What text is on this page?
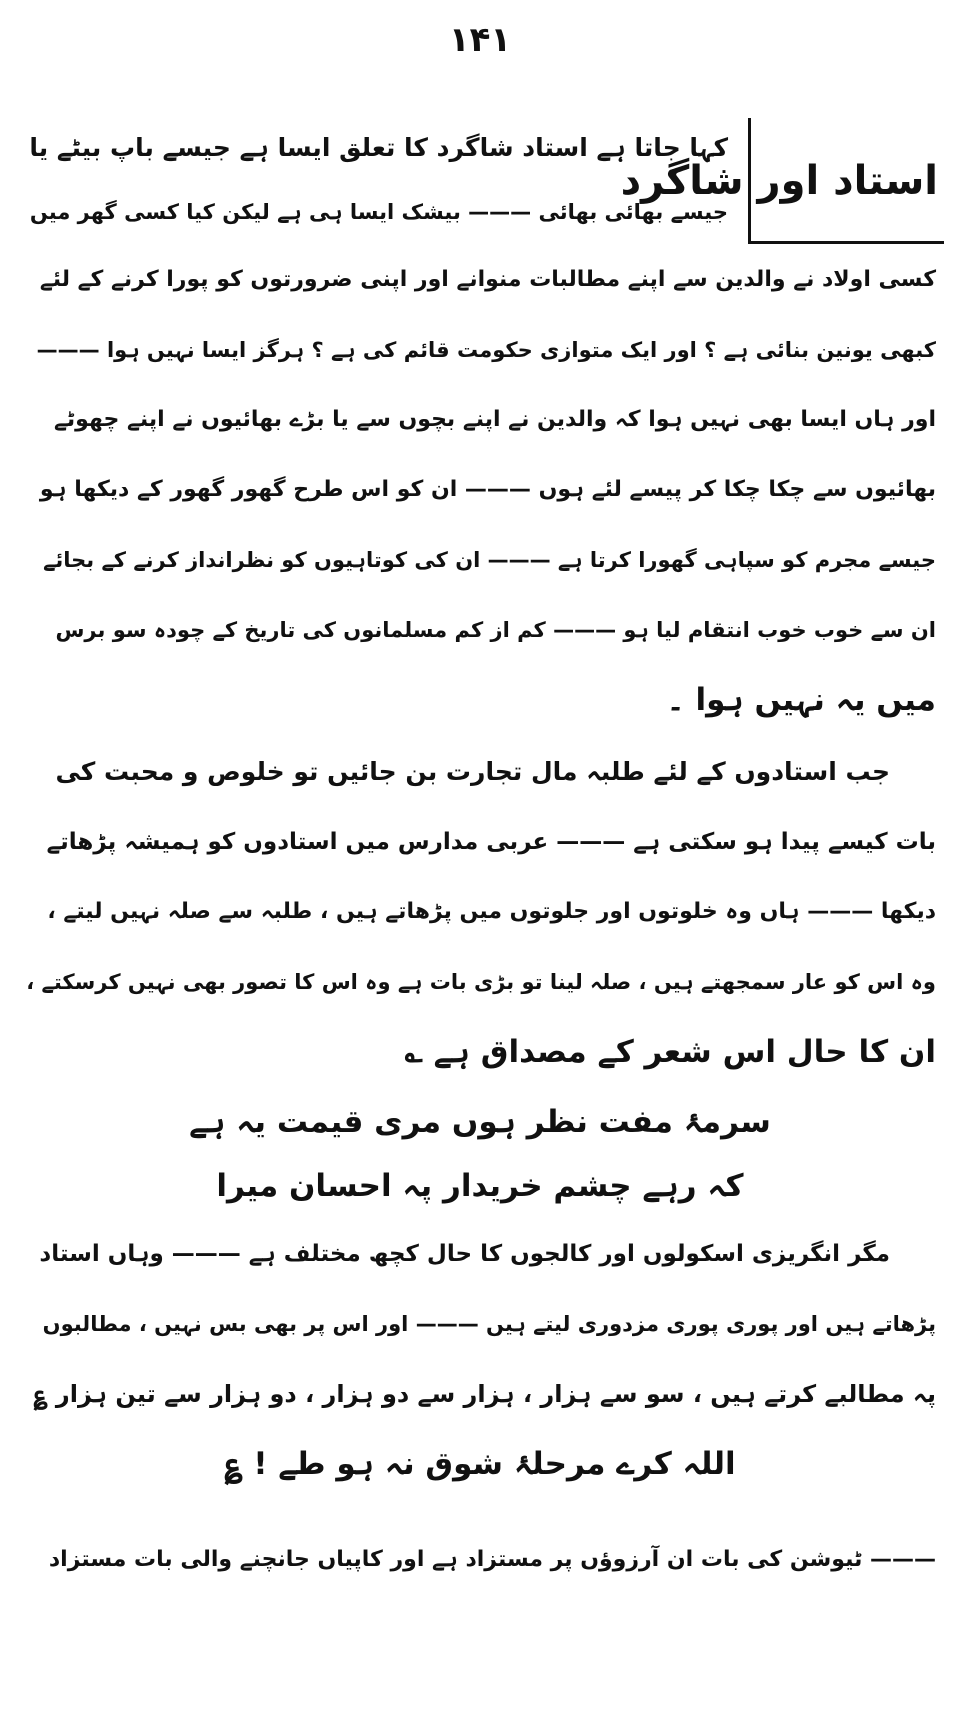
۱۴۱
استاد اور شاگرد
کہا جاتا ہے استاد شاگرد کا تعلق ایسا ہے جیسے باپ بیٹے یا
جیسے بھائی بھائی ——— بیشک ایسا ہی ہے لیکن کیا کسی گھر میں
کسی اولاد نے والدین سے اپنے مطالبات منوانے اور اپنی ضرورتوں کو پورا کرنے کے لئے
کبھی یونین بنائی ہے ؟ اور ایک متوازی حکومت قائم کی ہے ؟ ہرگز ایسا نہیں ہوا ———
اور ہاں ایسا بھی نہیں ہوا کہ والدین نے اپنے بچوں سے یا بڑے بھائیوں نے اپنے چھوٹے
بھائیوں سے چکا چکا کر پیسے لئے ہوں ——— ان کو اس طرح گھور گھور کے دیکھا ہو
جیسے مجرم کو سپاہی گھورا کرتا ہے ——— ان کی کوتاہیوں کو نظرانداز کرنے کے بجائے
ان سے خوب خوب انتقام لیا ہو ——— کم از کم مسلمانوں کی تاریخ کے چودہ سو برس
میں یہ نہیں ہوا ۔
جب استادوں کے لئے طلبہ مال تجارت بن جائیں تو خلوص و محبت کی
بات کیسے پیدا ہو سکتی ہے ——— عربی مدارس میں استادوں کو ہمیشہ پڑھاتے
دیکھا ——— ہاں وہ خلوتوں اور جلوتوں میں پڑھاتے ہیں ، طلبہ سے صلہ نہیں لیتے ،
وہ اس کو عار سمجھتے ہیں ، صلہ لینا تو بڑی بات ہے وہ اس کا تصور بھی نہیں کرسکتے ،
ان کا حال اس شعر کے مصداق ہے ؎
سرمۂ مفت نظر ہوں مری قیمت یہ ہے
کہ رہے چشم خریدار پہ احسان میرا
مگر انگریزی اسکولوں اور کالجوں کا حال کچھ مختلف ہے ——— وہاں استاد
پڑھاتے ہیں اور پوری پوری مزدوری لیتے ہیں ——— اور اس پر بھی بس نہیں ، مطالبوں
پہ مطالبے کرتے ہیں ، سو سے ہزار ، ہزار سے دو ہزار ، دو ہزار سے تین ہزار ؏
اللہ کرے مرحلۂ شوق نہ ہو طے ! ؏
——— ٹیوشن کی بات ان آرزوؤں پر مستزاد ہے اور کاپیاں جانچنے والی بات مستزاد
